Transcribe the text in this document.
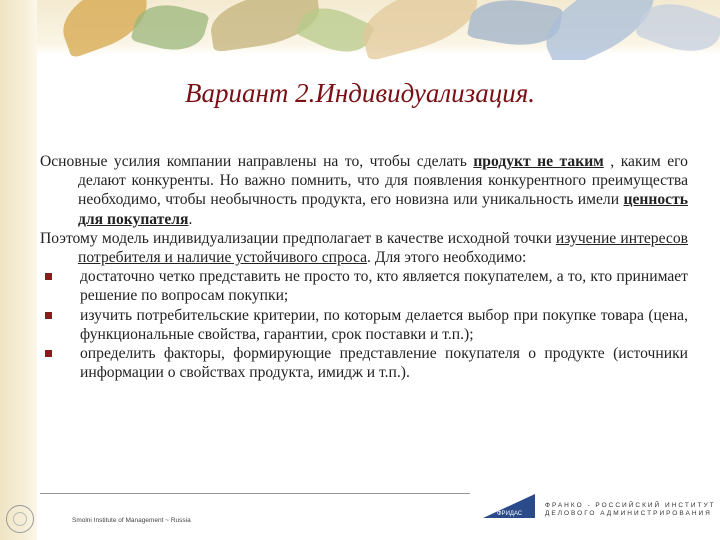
Вариант 2.Индивидуализация.

Основные усилия компании направлены на то, чтобы сделать продукт не таким , каким его делают конкуренты. Но важно помнить, что для появления конкурентного преимущества необходимо, чтобы необычность продукта, его новизна или уникальность имели ценность для покупателя.

Поэтому модель индивидуализации предполагает в качестве исходной точки изучение интересов потребителя и наличие устойчивого спроса. Для этого необходимо:

достаточно четко представить не просто то, кто является покупателем, а то, кто принимает решение по вопросам покупки;

изучить потребительские критерии, по которым делается выбор при покупке товара (цена, функциональные свойства, гарантии, срок поставки и т.п.);

определить факторы, формирующие представление покупателя о продукте (источники информации о свойствах продукта, имидж и т.п.).

Smolni Institute of Management ~ Russia
ФРИДАС
ФРАНКО - РОССИЙСКИЙ ИНСТИТУТ ДЕЛОВОГО АДМИНИСТРИРОВАНИЯ
